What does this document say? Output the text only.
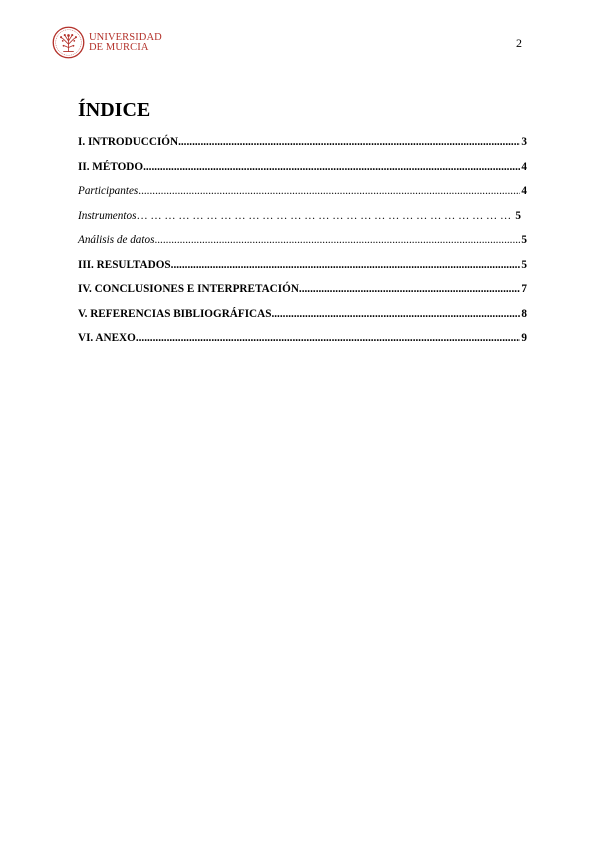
UNIVERSIDAD
DE MURCIA	2
ÍNDICE
I. INTRODUCCIÓN .....	3
II. MÉTODO .....	4
Participantes .....	4
Instrumentos … … … … … … … … … … … … … … … … … … … … … … … … … … … … … … … … … … … … … … … … … … … … … … … … … … … … … … … … … … … … … … … …	5
Análisis de datos .....	5
III. RESULTADOS .....	5
IV. CONCLUSIONES E INTERPRETACIÓN .....	7
V. REFERENCIAS BIBLIOGRÁFICAS .....	8
VI. ANEXO .....	9
